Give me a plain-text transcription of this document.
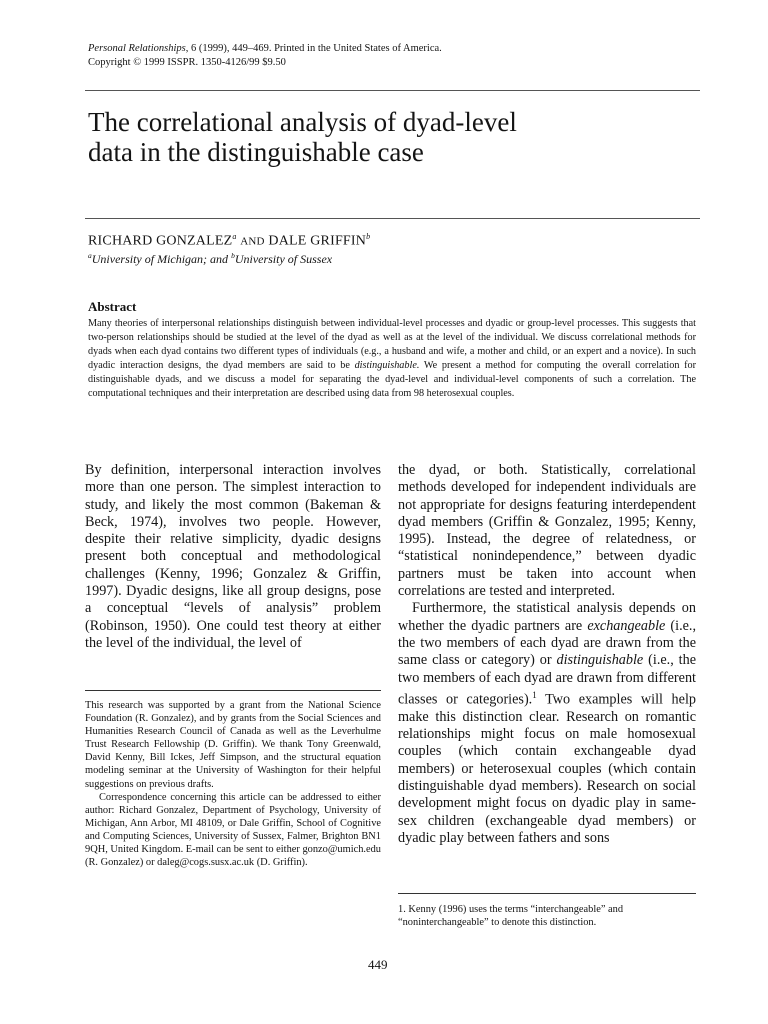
Personal Relationships, 6 (1999), 449–469. Printed in the United States of America.
Copyright © 1999 ISSPR. 1350-4126/99 $9.50
The correlational analysis of dyad-level
data in the distinguishable case
RICHARD GONZALEZ$^a$ AND DALE GRIFFIN$^b$
$^a$University of Michigan; and $^b$University of Sussex
Abstract
Many theories of interpersonal relationships distinguish between individual-level processes and dyadic or group-level processes. This suggests that two-person relationships should be studied at the level of the dyad as well as at the level of the individual. We discuss correlational methods for dyads when each dyad contains two different types of individuals (e.g., a husband and wife, a mother and child, or an expert and a novice). In such dyadic interaction designs, the dyad members are said to be distinguishable. We present a method for computing the overall correlation for distinguishable dyads, and we discuss a model for separating the dyad-level and individual-level components of such a correlation. The computational techniques and their interpretation are described using data from 98 heterosexual couples.

By definition, interpersonal interaction involves more than one person. The simplest interaction to study, and likely the most common (Bakeman & Beck, 1974), involves two people. However, despite their relative simplicity, dyadic designs present both conceptual and methodological challenges (Kenny, 1996; Gonzalez & Griffin, 1997). Dyadic designs, like all group designs, pose a conceptual “levels of analysis” problem (Robinson, 1950). One could test theory at either the level of the individual, the level of

This research was supported by a grant from the National Science Foundation (R. Gonzalez), and by grants from the Social Sciences and Humanities Research Council of Canada as well as the Leverhulme Trust Research Fellowship (D. Griffin). We thank Tony Greenwald, David Kenny, Bill Ickes, Jeff Simpson, and the structural equation modeling seminar at the University of Washington for their helpful suggestions on previous drafts.

Correspondence concerning this article can be addressed to either author: Richard Gonzalez, Department of Psychology, University of Michigan, Ann Arbor, MI 48109, or Dale Griffin, School of Cognitive and Computing Sciences, University of Sussex, Falmer, Brighton BN1 9QH, United Kingdom. E-mail can be sent to either gonzo@umich.edu (R. Gonzalez) or daleg@cogs.susx.ac.uk (D. Griffin).

the dyad, or both. Statistically, correlational methods developed for independent individuals are not appropriate for designs featuring interdependent dyad members (Griffin & Gonzalez, 1995; Kenny, 1995). Instead, the degree of relatedness, or “statistical nonindependence,” between dyadic partners must be taken into account when correlations are tested and interpreted.

Furthermore, the statistical analysis depends on whether the dyadic partners are exchangeable (i.e., the two members of each dyad are drawn from the same class or category) or distinguishable (i.e., the two members of each dyad are drawn from different classes or categories).$^1$ Two examples will help make this distinction clear. Research on romantic relationships might focus on male homosexual couples (which contain exchangeable dyad members) or heterosexual couples (which contain distinguishable dyad members). Research on social development might focus on dyadic play in same-sex children (exchangeable dyad members) or dyadic play between fathers and sons

1. Kenny (1996) uses the terms “interchangeable” and “noninterchangeable” to denote this distinction.
449
